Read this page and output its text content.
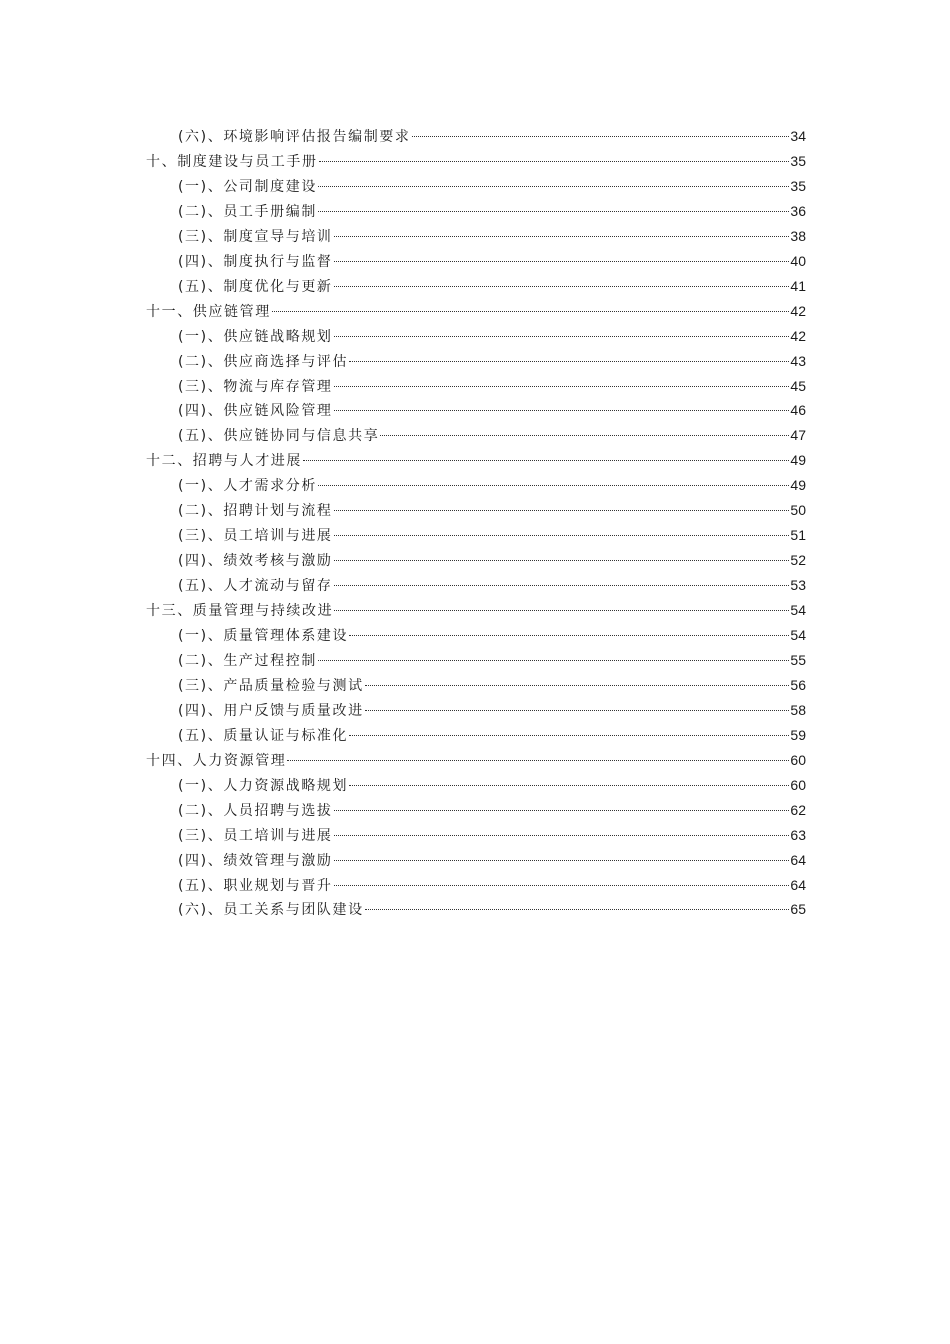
(六)、环境影响评估报告编制要求	34
十、制度建设与员工手册	35
(一)、公司制度建设	35
(二)、员工手册编制	36
(三)、制度宣导与培训	38
(四)、制度执行与监督	40
(五)、制度优化与更新	41
十一、供应链管理	42
(一)、供应链战略规划	42
(二)、供应商选择与评估	43
(三)、物流与库存管理	45
(四)、供应链风险管理	46
(五)、供应链协同与信息共享	47
十二、招聘与人才进展	49
(一)、人才需求分析	49
(二)、招聘计划与流程	50
(三)、员工培训与进展	51
(四)、绩效考核与激励	52
(五)、人才流动与留存	53
十三、质量管理与持续改进	54
(一)、质量管理体系建设	54
(二)、生产过程控制	55
(三)、产品质量检验与测试	56
(四)、用户反馈与质量改进	58
(五)、质量认证与标准化	59
十四、人力资源管理	60
(一)、人力资源战略规划	60
(二)、人员招聘与选拔	62
(三)、员工培训与进展	63
(四)、绩效管理与激励	64
(五)、职业规划与晋升	64
(六)、员工关系与团队建设	65
